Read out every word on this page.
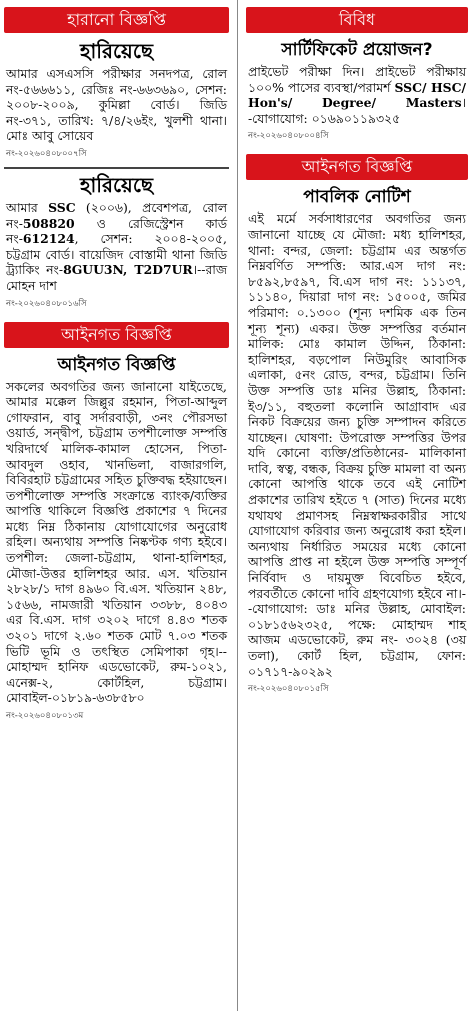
হারানো বিজ্ঞপ্তি
হারিয়েছে
আমার এসএসসি পরীক্ষার সনদপত্র, রোল নং-৫৬৬৬১১, রেজিঃ নং-৬৬৩৬৯০, সেশন: ২০০৮-২০০৯, কুমিল্লা বোর্ড। জিডি নং-৩৭১, তারিখ: ৭/৪/২৬ইং, খুলশী থানা। মোঃ আবু সোয়েব
নং-২০২৬০৪০৮০০৭সি
হারিয়েছে
আমার SSC (২০০৬), প্রবেশপত্র, রোল নং-508820 ও রেজিস্ট্রেশন কার্ড নং-612124, সেশন: ২০০৪-২০০৫, চট্টগ্রাম বোর্ড। বায়েজিদ বোস্তামী থানা জিডি ট্র্যাকিং নং-8GUU3N, T2D7UR।--রাজ মোহন দাশ
নং-২০২৬০৪০৮০১৬সি
আইনগত বিজ্ঞপ্তি
আইনগত বিজ্ঞপ্তি
সকলের অবগতির জন্য জানানো যাইতেছে, আমার মক্কেল জিল্লুর রহমান, পিতা-আব্দুল গোফরান, বাবু সর্দারবাড়ী, ৩নং পৌরসভা ওয়ার্ড, সন্দ্বীপ, চট্টগ্রাম তপশীলোক্ত সম্পত্তি খরিদার্থে মালিক-কামাল হোসেন, পিতা-আবদুল ওহাব, খানভিলা, বাজারগলি, বিবিরহাট চট্টগ্রামের সহিত চুক্তিবদ্ধ হইয়াছেন। তপশীলোক্ত সম্পত্তি সংক্রান্তে ব্যাংক/ব্যক্তির আপত্তি থাকিলে বিজ্ঞপ্তি প্রকাশের ৭ দিনের মধ্যে নিম্ন ঠিকানায় যোগাযোগের অনুরোধ রহিল। অন্যথায় সম্পত্তি নিষ্কণ্টক গণ্য হইবে। তপশীল: জেলা-চট্টগ্রাম, থানা-হালিশহর, মৌজা-উত্তর হালিশহর আর. এস. খতিয়ান ২৮২৮/১ দাগ ৪৯৬০ বি.এস. খতিয়ান ২৪৮, ১৫৬৬, নামজারী খতিয়ান ৩৩৮৮, ৪০৪৩ এর বি.এস. দাগ ৩২০২ দাগে ৪.৪৩ শতক ৩২০১ দাগে ২.৬০ শতক মোট ৭.০৩ শতক ভিটি ভূমি ও তৎস্থিত সেমিপাকা গৃহ।--মোহাম্মদ হানিফ এডভোকেট, রুম-১০২১, এনেক্স-২, কোর্টহিল, চট্টগ্রাম। মোবাইল-০১৮১৯-৬৩৮৫৮০
নং-২০২৬০৪০৮০১৩ম
বিবিধ
সার্টিফিকেট প্রয়োজন?
প্রাইভেট পরীক্ষা দিন। প্রাইভেট পরীক্ষায় ১০০% পাসের ব্যবস্থা/পরামর্শ SSC/ HSC/ Hon's/ Degree/ Masters। -যোগাযোগ: ০১৬৯০১১৯৩২৫
নং-২০২৬০৪০৮০০৪সি
আইনগত বিজ্ঞপ্তি
পাবলিক নোটিশ
এই মর্মে সর্বসাধারণের অবগতির জন্য জানানো যাচ্ছে যে মৌজা: মধ্য হালিশহর, থানা: বন্দর, জেলা: চট্টগ্রাম এর অন্তর্গত নিম্নবর্ণিত সম্পত্তি: আর.এস দাগ নং: ৮৫৯২,৮৫৯৭, বি.এস দাগ নং: ১১১৩৭, ১১১৪০, দিয়ারা দাগ নং: ১৫০০৫, জমির পরিমাণ: ০.১৩০০ (শূন্য দশমিক এক তিন শূন্য শূন্য) একর। উক্ত সম্পত্তির বর্তমান মালিক: মোঃ কামাল উদ্দিন, ঠিকানা: হালিশহর, বড়পোল নিউমুরিং আবাসিক এলাকা, ৫নং রোড, বন্দর, চট্টগ্রাম। তিনি উক্ত সম্পত্তি ডাঃ মনির উল্লাহ, ঠিকানা: ই৩/১১, বহুতলা কলোনি আগ্রাবাদ এর নিকট বিক্রয়ের জন্য চুক্তি সম্পাদন করিতে যাচ্ছেন। ঘোষণা: উপরোক্ত সম্পত্তির উপর যদি কোনো ব্যক্তি/প্রতিষ্ঠানের- মালিকানা দাবি, স্বত্ব, বন্ধক, বিক্রয় চুক্তি মামলা বা অন্য কোনো আপত্তি থাকে তবে এই নোটিশ প্রকাশের তারিখ হইতে ৭ (সাত) দিনের মধ্যে যথাযথ প্রমাণসহ নিম্নস্বাক্ষরকারীর সাথে যোগাযোগ করিবার জন্য অনুরোধ করা হইল। অন্যথায় নির্ধারিত সময়ের মধ্যে কোনো আপত্তি প্রাপ্ত না হইলে উক্ত সম্পত্তি সম্পূর্ণ নির্বিবাদ ও দায়মুক্ত বিবেচিত হইবে, পরবর্তীতে কোনো দাবি গ্রহণযোগ্য হইবে না।--যোগাযোগ: ডাঃ মনির উল্লাহ, মোবাইল: ০১৮১৫৬২৩২৫, পক্ষে: মোহাম্মদ শাহ আজম এডভোকেট, রুম নং- ৩০২৪ (৩য় তলা), কোর্ট হিল, চট্টগ্রাম, ফোন: ০১৭১৭-৯০২৯২
নং-২০২৬০৪০৮০১৫সি
